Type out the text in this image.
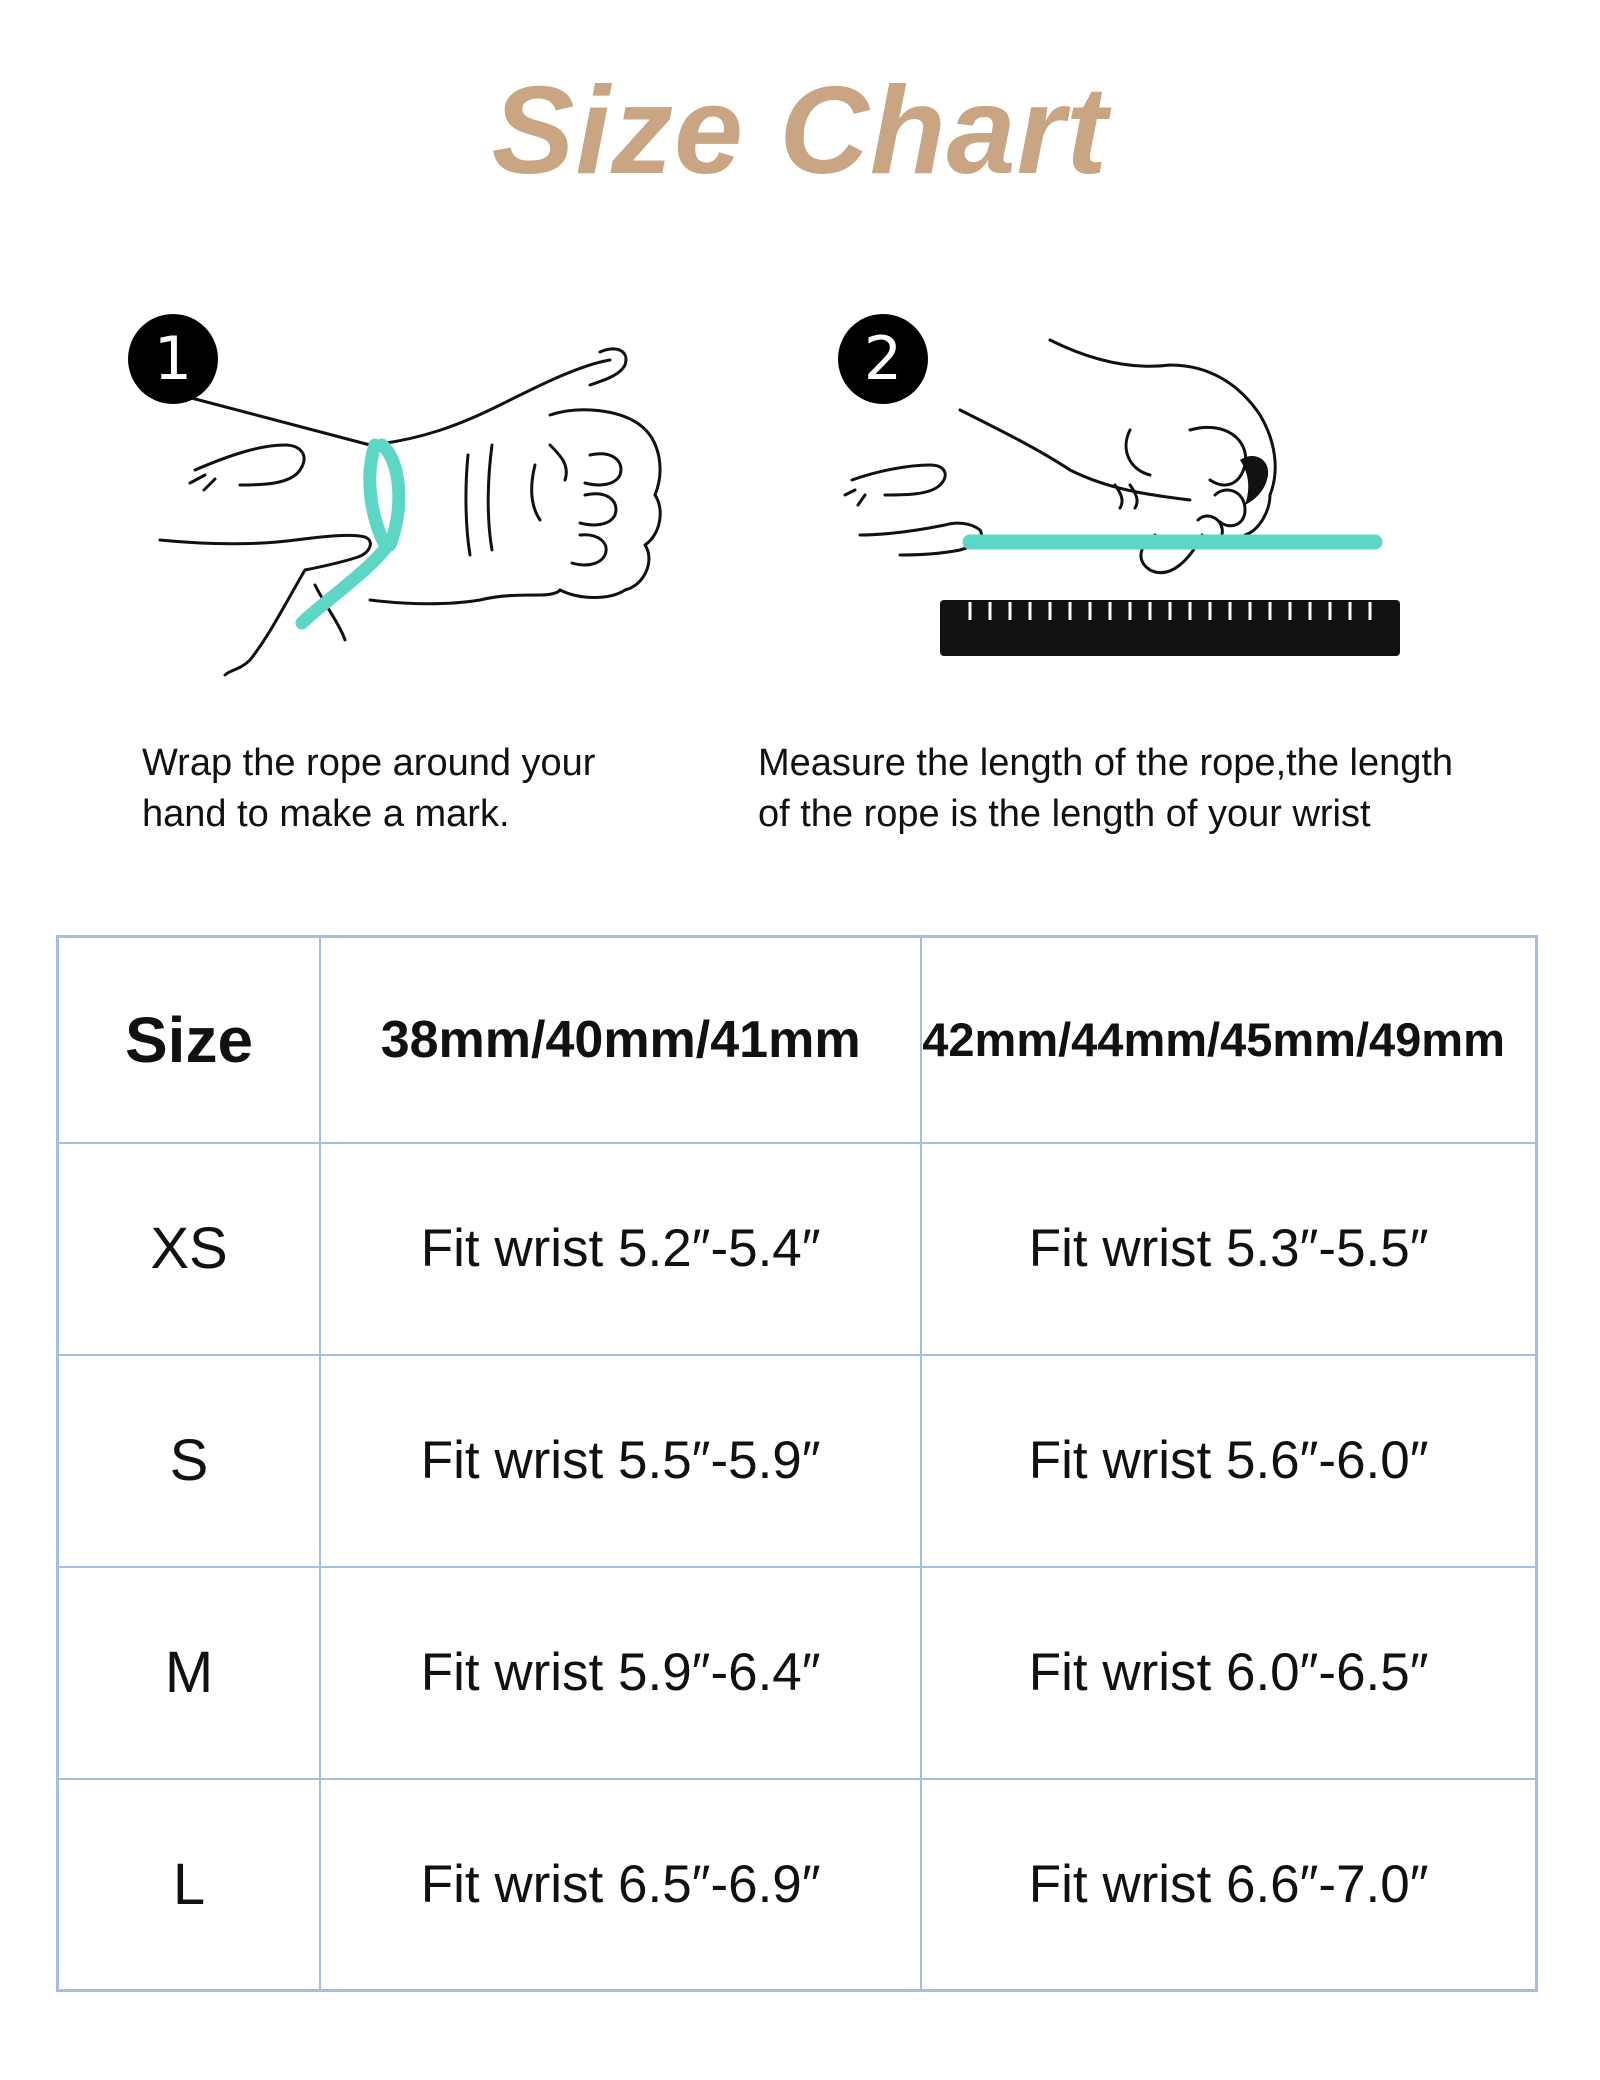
Size Chart
1	2
Wrap the rope around your
hand to make a mark.
Measure the length of the rope,the length
of the rope is the length of your wrist
Size	38mm/40mm/41mm	42mm/44mm/45mm/49mm
XS	Fit wrist 5.2″-5.4″	Fit wrist 5.3″-5.5″
S	Fit wrist 5.5″-5.9″	Fit wrist 5.6″-6.0″
M	Fit wrist 5.9″-6.4″	Fit wrist 6.0″-6.5″
L	Fit wrist 6.5″-6.9″	Fit wrist 6.6″-7.0″
